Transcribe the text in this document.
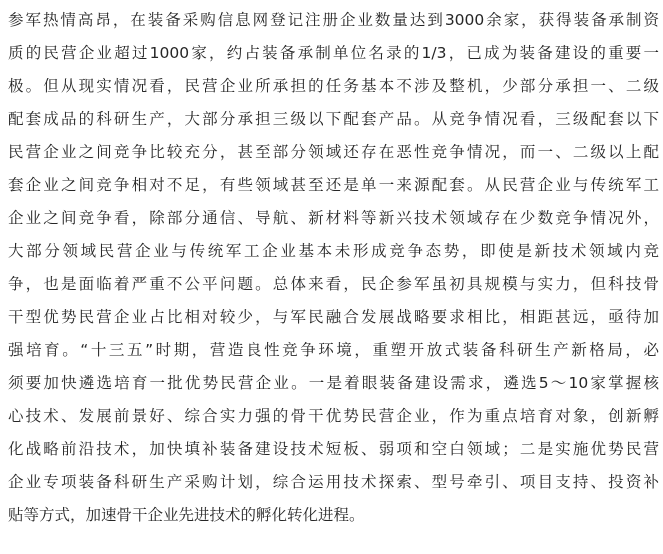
参军热情高昂，在装备采购信息网登记注册企业数量达到3000余家，获得装备承制资
质的民营企业超过1000家，约占装备承制单位名录的1/3，已成为装备建设的重要一
极。但从现实情况看，民营企业所承担的任务基本不涉及整机，少部分承担一、二级
配套成品的科研生产，大部分承担三级以下配套产品。从竞争情况看，三级配套以下
民营企业之间竞争比较充分，甚至部分领域还存在恶性竞争情况，而一、二级以上配
套企业之间竞争相对不足，有些领域甚至还是单一来源配套。从民营企业与传统军工
企业之间竞争看，除部分通信、导航、新材料等新兴技术领域存在少数竞争情况外，
大部分领域民营企业与传统军工企业基本未形成竞争态势，即使是新技术领域内竞
争，也是面临着严重不公平问题。总体来看，民企参军虽初具规模与实力，但科技骨
干型优势民营企业占比相对较少，与军民融合发展战略要求相比，相距甚远，亟待加
强培育。“十三五”时期，营造良性竞争环境，重塑开放式装备科研生产新格局，必
须要加快遴选培育一批优势民营企业。一是着眼装备建设需求，遴选5～10家掌握核
心技术、发展前景好、综合实力强的骨干优势民营企业，作为重点培育对象，创新孵
化战略前沿技术，加快填补装备建设技术短板、弱项和空白领域；二是实施优势民营
企业专项装备科研生产采购计划，综合运用技术探索、型号牵引、项目支持、投资补
贴等方式，加速骨干企业先进技术的孵化转化进程。
